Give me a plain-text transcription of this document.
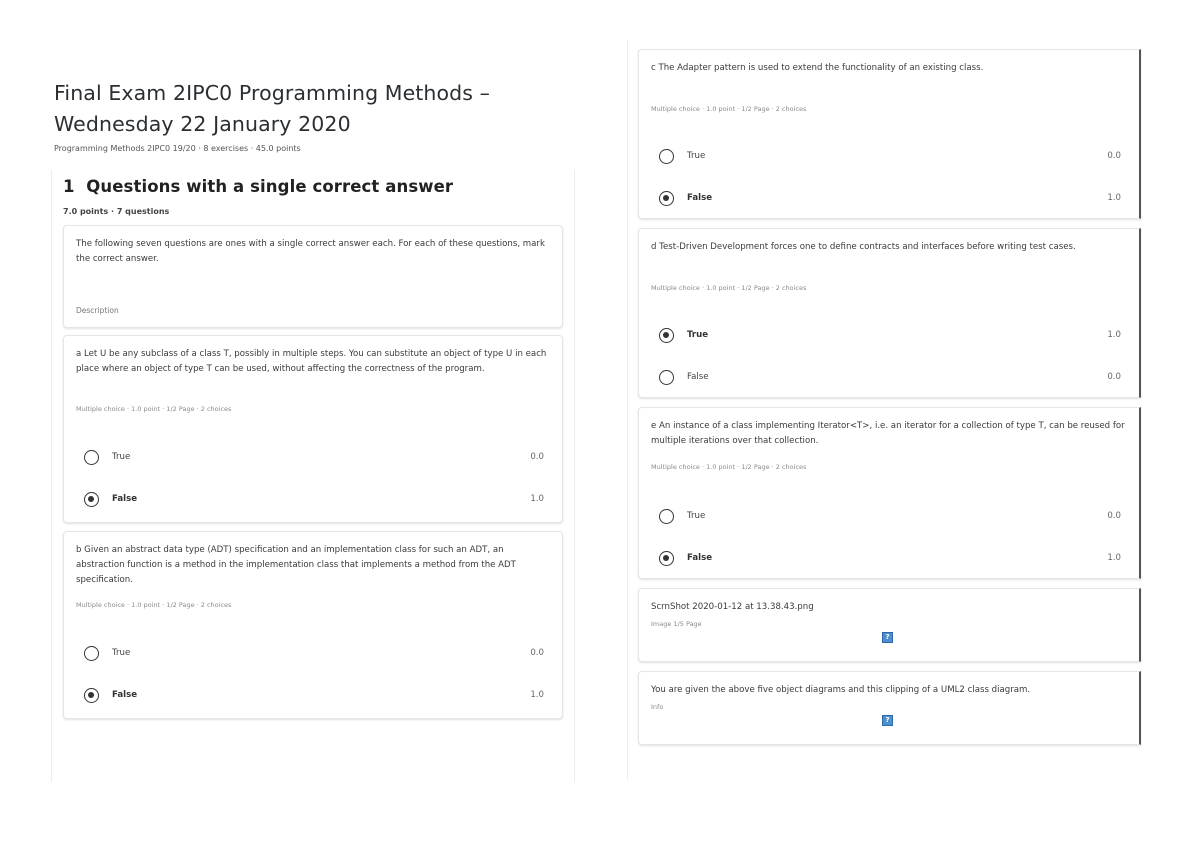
Final Exam 2IPC0 Programming Methods – Wednesday 22 January 2020
Programming Methods 2IPC0 19/20 · 8 exercises · 45.0 points
1 Questions with a single correct answer
7.0 points · 7 questions
The following seven questions are ones with a single correct answer each. For each of these questions, mark the correct answer.
Description
a Let U be any subclass of a class T, possibly in multiple steps. You can substitute an object of type U in each place where an object of type T can be used, without affecting the correctness of the program.
Multiple choice · 1.0 point · 1/2 Page · 2 choices
True	0.0
False	1.0
b Given an abstract data type (ADT) specification and an implementation class for such an ADT, an abstraction function is a method in the implementation class that implements a method from the ADT specification.
Multiple choice · 1.0 point · 1/2 Page · 2 choices
True	0.0
False	1.0
c The Adapter pattern is used to extend the functionality of an existing class.
Multiple choice · 1.0 point · 1/2 Page · 2 choices
True	0.0
False	1.0
d Test-Driven Development forces one to define contracts and interfaces before writing test cases.
Multiple choice · 1.0 point · 1/2 Page · 2 choices
True	1.0
False	0.0
e An instance of a class implementing Iterator<T>, i.e. an iterator for a collection of type T, can be reused for multiple iterations over that collection.
Multiple choice · 1.0 point · 1/2 Page · 2 choices
True	0.0
False	1.0
ScrnShot 2020-01-12 at 13.38.43.png
Image 1/5 Page
?
You are given the above five object diagrams and this clipping of a UML2 class diagram.
Info
?
